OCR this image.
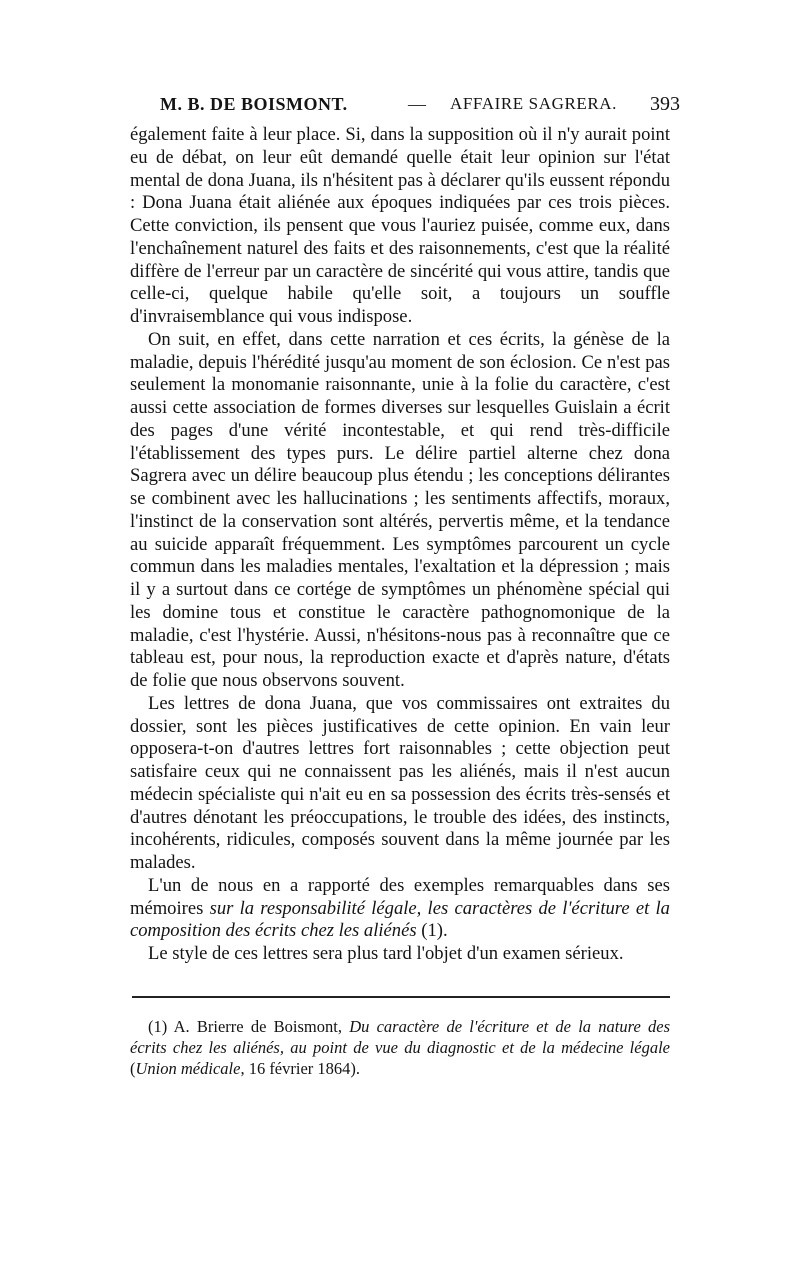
M. B. DE BOISMONT.	— AFFAIRE SAGRERA. 393

également faite à leur place. Si, dans la supposition où il n'y aurait point eu de débat, on leur eût demandé quelle était leur opinion sur l'état mental de dona Juana, ils n'hésitent pas à déclarer qu'ils eussent répondu : Dona Juana était aliénée aux époques indiquées par ces trois pièces. Cette conviction, ils pensent que vous l'auriez puisée, comme eux, dans l'enchaînement naturel des faits et des raisonnements, c'est que la réalité diffère de l'erreur par un caractère de sincérité qui vous attire, tandis que celle-ci, quelque habile qu'elle soit, a toujours un souffle d'invraisemblance qui vous indispose.

On suit, en effet, dans cette narration et ces écrits, la génèse de la maladie, depuis l'hérédité jusqu'au moment de son éclosion. Ce n'est pas seulement la monomanie raisonnante, unie à la folie du caractère, c'est aussi cette association de formes diverses sur lesquelles Guislain a écrit des pages d'une vérité incontestable, et qui rend très-difficile l'établissement des types purs. Le délire partiel alterne chez dona Sagrera avec un délire beaucoup plus étendu ; les conceptions délirantes se combinent avec les hallucinations ; les sentiments affectifs, moraux, l'instinct de la conservation sont altérés, pervertis même, et la tendance au suicide apparaît fréquemment. Les symptômes parcourent un cycle commun dans les maladies mentales, l'exaltation et la dépression ; mais il y a surtout dans ce cortége de symptômes un phénomène spécial qui les domine tous et constitue le caractère pathognomonique de la maladie, c'est l'hystérie. Aussi, n'hésitons-nous pas à reconnaître que ce tableau est, pour nous, la reproduction exacte et d'après nature, d'états de folie que nous observons souvent.

Les lettres de dona Juana, que vos commissaires ont extraites du dossier, sont les pièces justificatives de cette opinion. En vain leur opposera-t-on d'autres lettres fort raisonnables ; cette objection peut satisfaire ceux qui ne connaissent pas les aliénés, mais il n'est aucun médecin spécialiste qui n'ait eu en sa possession des écrits très-sensés et d'autres dénotant les préoccupations, le trouble des idées, des instincts, incohérents, ridicules, composés souvent dans la même journée par les malades.

L'un de nous en a rapporté des exemples remarquables dans ses mémoires sur la responsabilité légale, les caractères de l'écriture et la composition des écrits chez les aliénés (1).

Le style de ces lettres sera plus tard l'objet d'un examen sérieux.

(1) A. Brierre de Boismont, Du caractère de l'écriture et de la nature des écrits chez les aliénés, au point de vue du diagnostic et de la médecine légale (Union médicale, 16 février 1864).
